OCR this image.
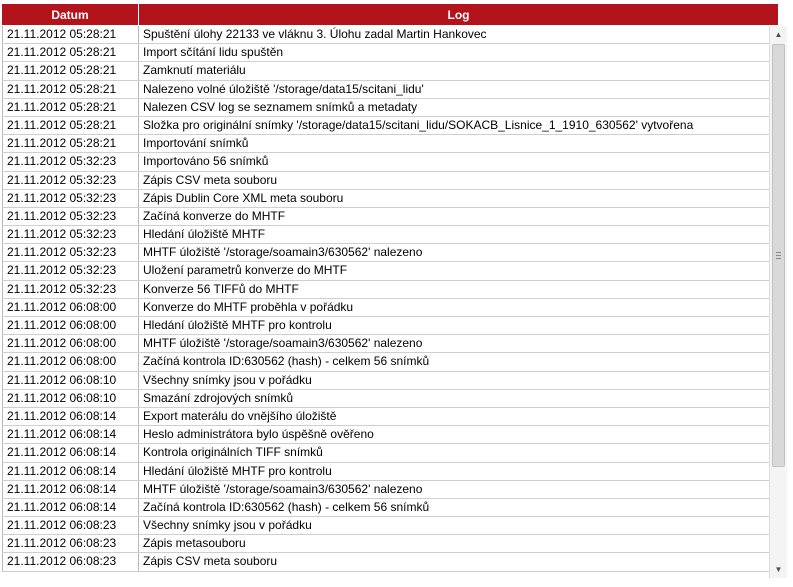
Datum	Log
21.11.2012 05:28:21	Spuštění úlohy 22133 ve vláknu 3. Úlohu zadal Martin Hankovec
21.11.2012 05:28:21	Import sčítání lidu spuštěn
21.11.2012 05:28:21	Zamknutí materiálu
21.11.2012 05:28:21	Nalezeno volné úložiště '/storage/data15/scitani_lidu'
21.11.2012 05:28:21	Nalezen CSV log se seznamem snímků a metadaty
21.11.2012 05:28:21	Složka pro originální snímky '/storage/data15/scitani_lidu/SOKACB_Lisnice_1_1910_630562' vytvořena
21.11.2012 05:28:21	Importování snímků
21.11.2012 05:32:23	Importováno 56 snímků
21.11.2012 05:32:23	Zápis CSV meta souboru
21.11.2012 05:32:23	Zápis Dublin Core XML meta souboru
21.11.2012 05:32:23	Začíná konverze do MHTF
21.11.2012 05:32:23	Hledání úložiště MHTF
21.11.2012 05:32:23	MHTF úložiště '/storage/soamain3/630562' nalezeno
21.11.2012 05:32:23	Uložení parametrů konverze do MHTF
21.11.2012 05:32:23	Konverze 56 TIFFů do MHTF
21.11.2012 06:08:00	Konverze do MHTF proběhla v pořádku
21.11.2012 06:08:00	Hledání úložiště MHTF pro kontrolu
21.11.2012 06:08:00	MHTF úložiště '/storage/soamain3/630562' nalezeno
21.11.2012 06:08:00	Začíná kontrola ID:630562 (hash) - celkem 56 snímků
21.11.2012 06:08:10	Všechny snímky jsou v pořádku
21.11.2012 06:08:10	Smazání zdrojových snímků
21.11.2012 06:08:14	Export materálu do vnějšího úložiště
21.11.2012 06:08:14	Heslo administrátora bylo úspěšně ověřeno
21.11.2012 06:08:14	Kontrola originálních TIFF snímků
21.11.2012 06:08:14	Hledání úložiště MHTF pro kontrolu
21.11.2012 06:08:14	MHTF úložiště '/storage/soamain3/630562' nalezeno
21.11.2012 06:08:14	Začíná kontrola ID:630562 (hash) - celkem 56 snímků
21.11.2012 06:08:23	Všechny snímky jsou v pořádku
21.11.2012 06:08:23	Zápis metasouboru
21.11.2012 06:08:23	Zápis CSV meta souboru
▲
▼
